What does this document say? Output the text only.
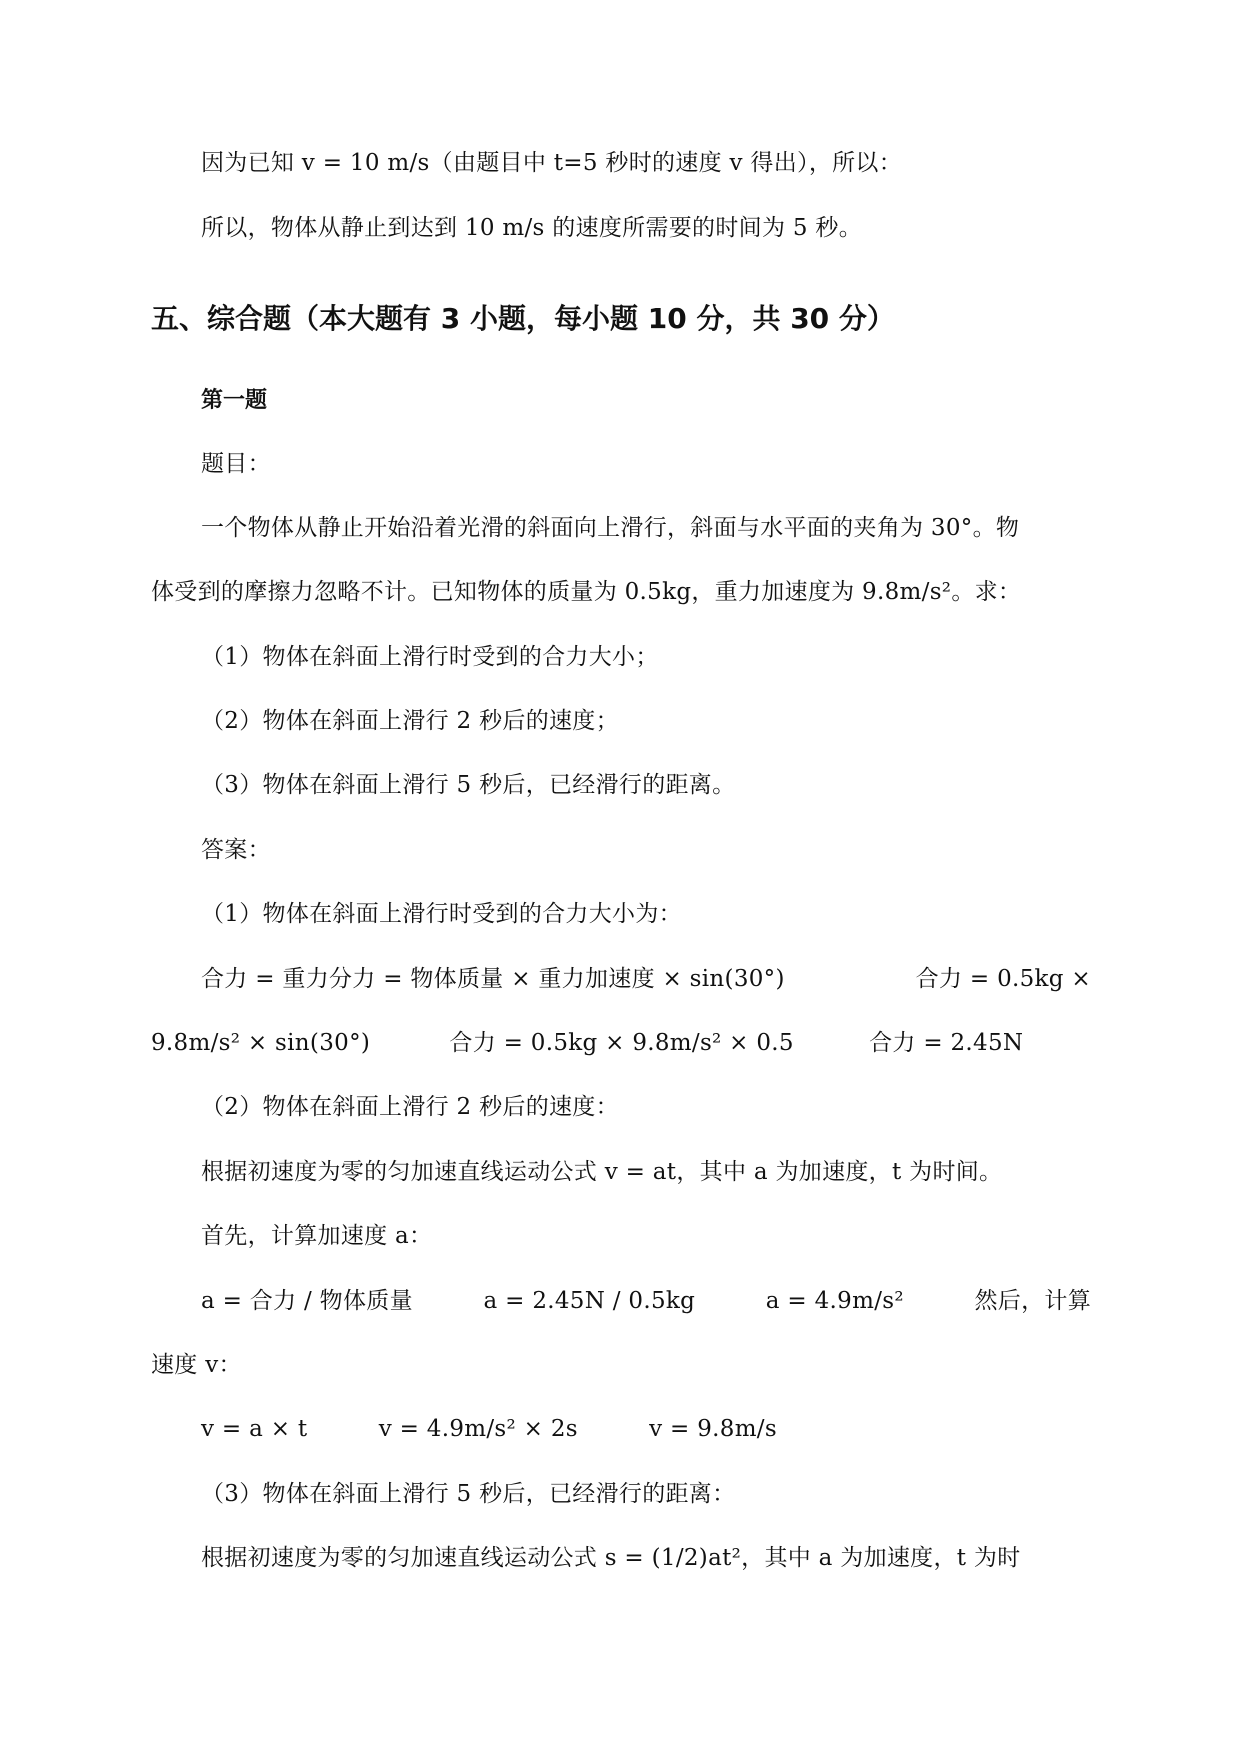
因为已知 v = 10 m/s（由题目中 t=5 秒时的速度 v 得出），所以：
所以，物体从静止到达到 10 m/s 的速度所需要的时间为 5 秒。
五、综合题（本大题有 3 小题，每小题 10 分，共 30 分）
第一题
题目：
一个物体从静止开始沿着光滑的斜面向上滑行，斜面与水平面的夹角为 30°。物
体受到的摩擦力忽略不计。已知物体的质量为 0.5kg，重力加速度为 9.8m/s²。求：
（1）物体在斜面上滑行时受到的合力大小；
（2）物体在斜面上滑行 2 秒后的速度；
（3）物体在斜面上滑行 5 秒后，已经滑行的距离。
答案：
（1）物体在斜面上滑行时受到的合力大小为：
合力 = 重力分力 = 物体质量 × 重力加速度 × sin(30°)	合力 = 0.5kg ×
9.8m/s² × sin(30°)	合力 = 0.5kg × 9.8m/s² × 0.5	合力 = 2.45N
（2）物体在斜面上滑行 2 秒后的速度：
根据初速度为零的匀加速直线运动公式 v = at，其中 a 为加速度，t 为时间。
首先，计算加速度 a：
a = 合力 / 物体质量	a = 2.45N / 0.5kg	a = 4.9m/s²	然后，计算
速度 v：
v = a × t	v = 4.9m/s² × 2s	v = 9.8m/s
（3）物体在斜面上滑行 5 秒后，已经滑行的距离：
根据初速度为零的匀加速直线运动公式 s = (1/2)at²，其中 a 为加速度，t 为时
